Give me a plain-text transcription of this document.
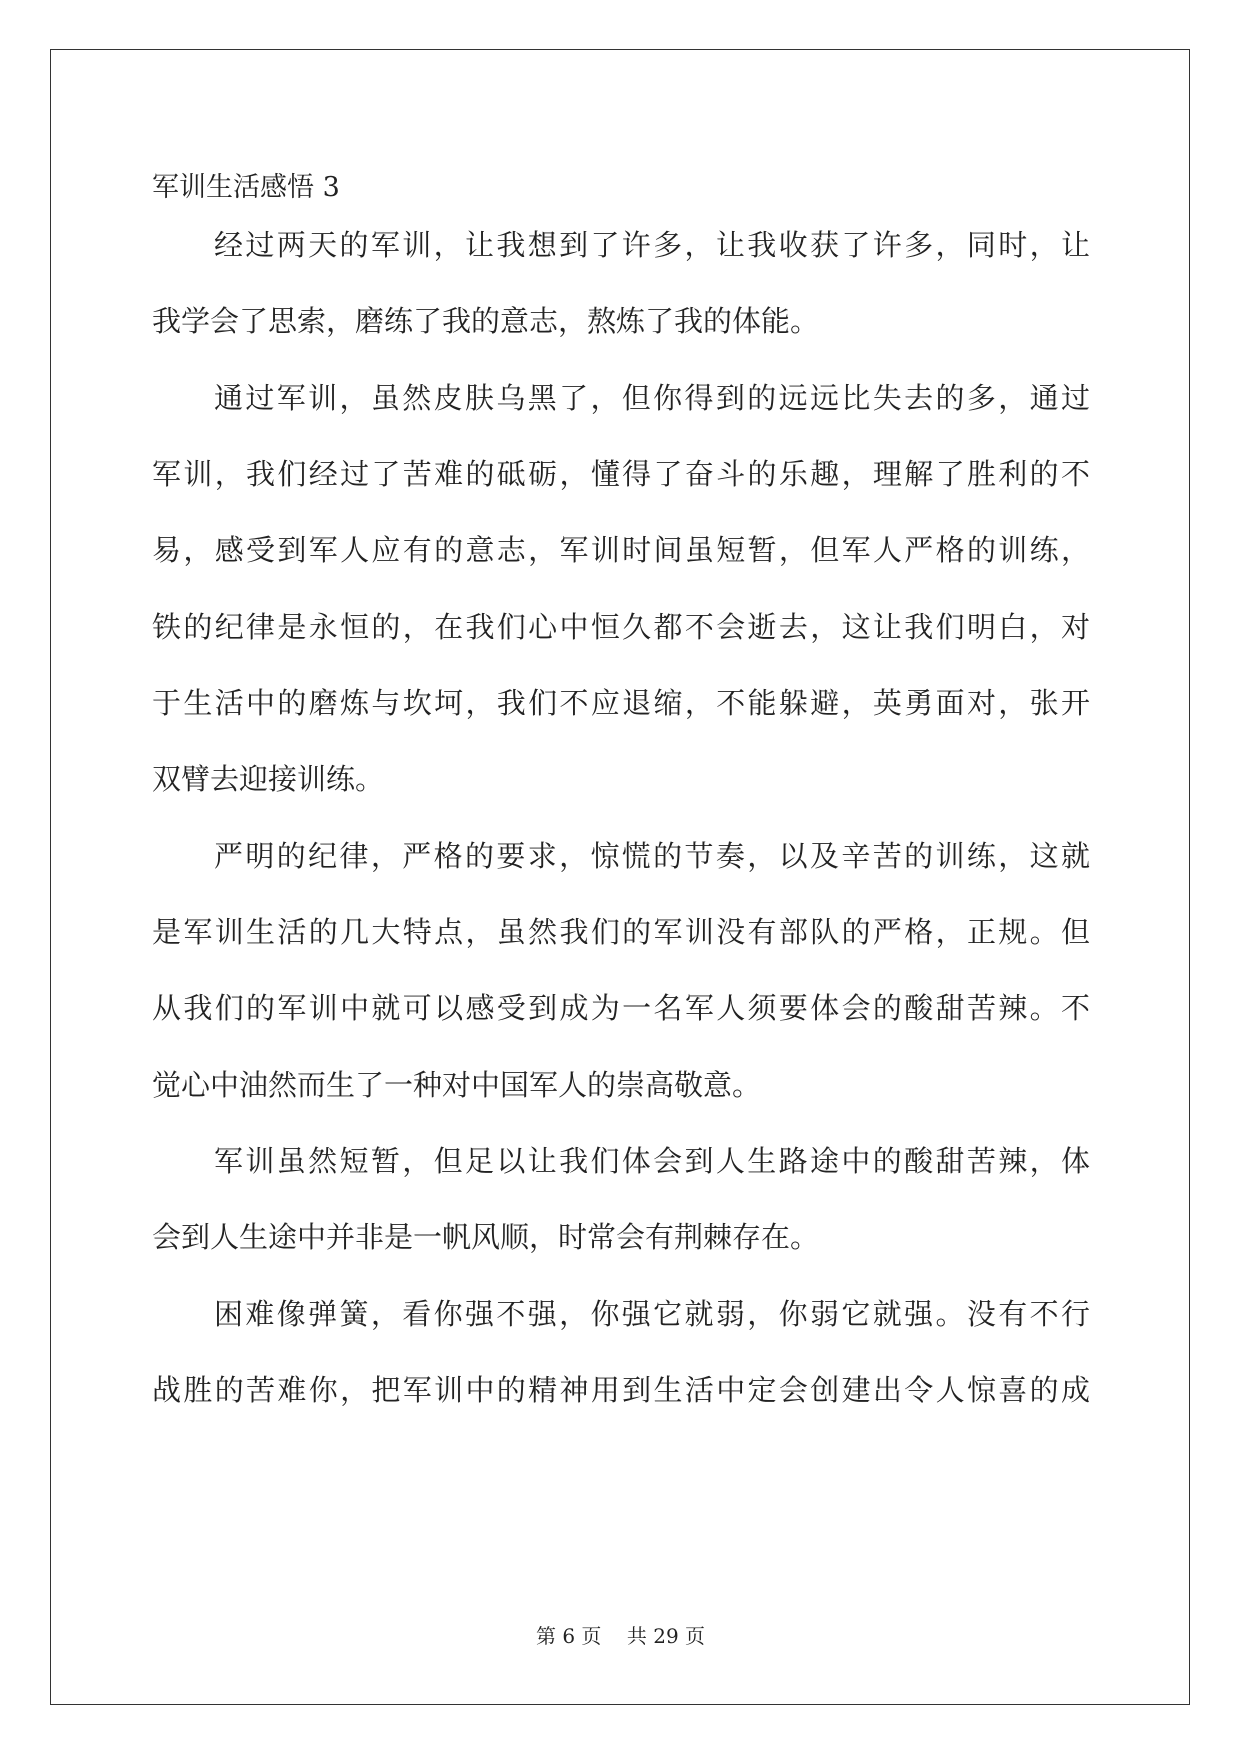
军训生活感悟 3
经过两天的军训，让我想到了许多，让我收获了许多，同时，让
我学会了思索，磨练了我的意志，熬炼了我的体能。
通过军训，虽然皮肤乌黑了，但你得到的远远比失去的多，通过
军训，我们经过了苦难的砥砺，懂得了奋斗的乐趣，理解了胜利的不
易，感受到军人应有的意志，军训时间虽短暂，但军人严格的训练，
铁的纪律是永恒的，在我们心中恒久都不会逝去，这让我们明白，对
于生活中的磨炼与坎坷，我们不应退缩，不能躲避，英勇面对，张开
双臂去迎接训练。
严明的纪律，严格的要求，惊慌的节奏，以及辛苦的训练，这就
是军训生活的几大特点，虽然我们的军训没有部队的严格，正规。但
从我们的军训中就可以感受到成为一名军人须要体会的酸甜苦辣。不
觉心中油然而生了一种对中国军人的崇高敬意。
军训虽然短暂，但足以让我们体会到人生路途中的酸甜苦辣，体
会到人生途中并非是一帆风顺，时常会有荆棘存在。
困难像弹簧，看你强不强，你强它就弱，你弱它就强。没有不行
战胜的苦难你，把军训中的精神用到生活中定会创建出令人惊喜的成
第 6 页 共 29 页
